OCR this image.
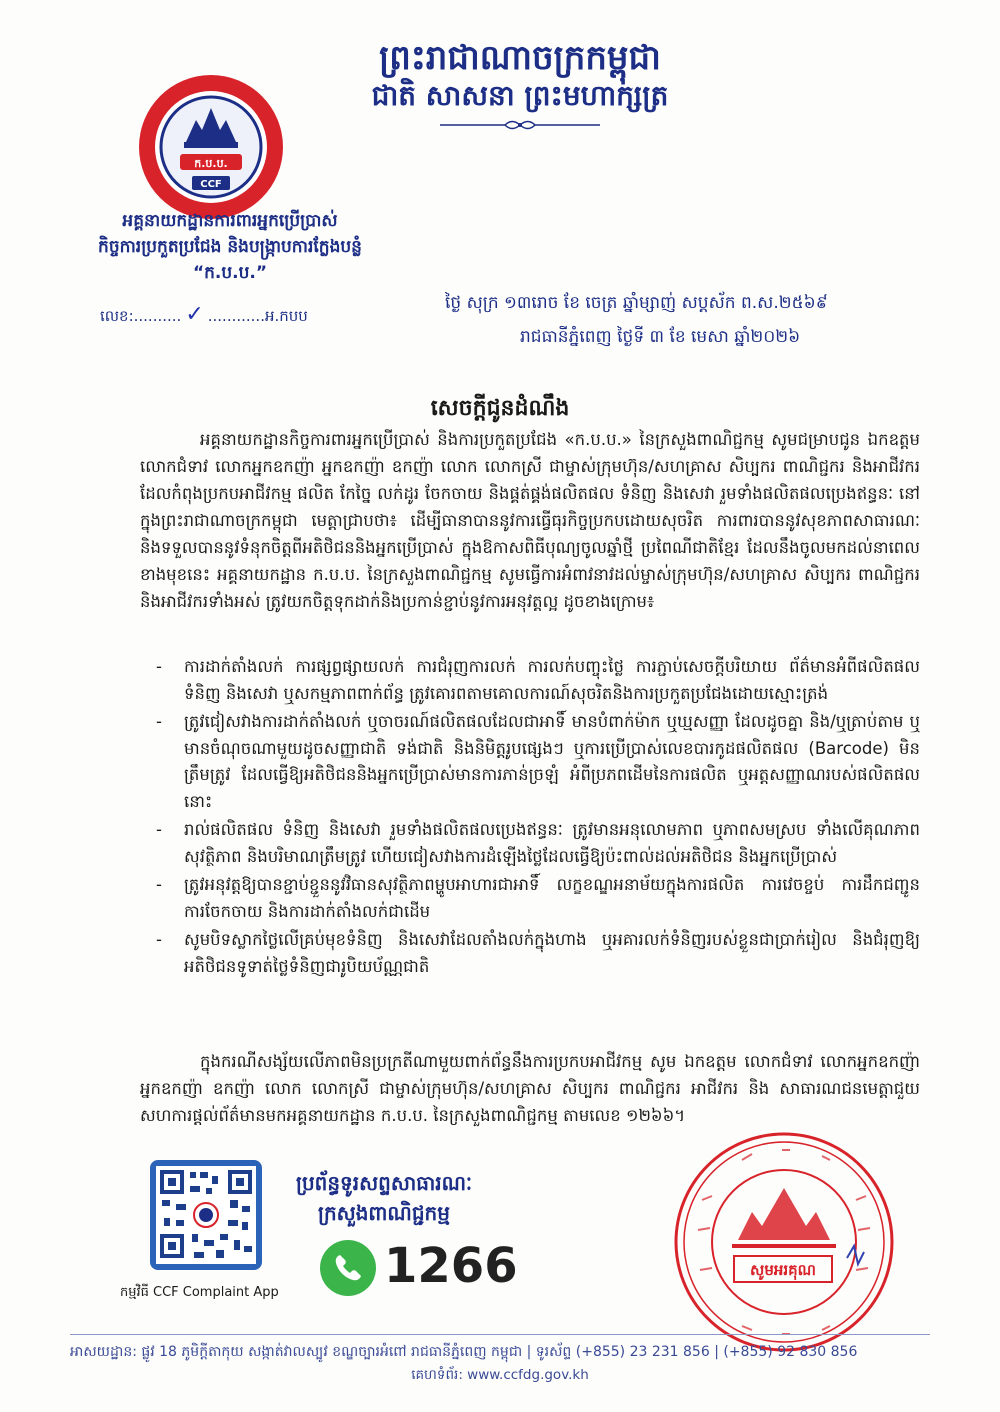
ព្រះរាជាណាចក្រកម្ពុជា
ជាតិ សាសនា ព្រះមហាក្សត្រ
ក.ប.ប.
CCF
អគ្គនាយកដ្ឋានការពារអ្នកប្រើប្រាស់
កិច្ចការប្រកួតប្រជែង និងបង្ក្រាបការក្លែងបន្លំ
“ក.ប.ប.”
លេខ:.......... ✓ ............អ.កបប
ថ្ងៃ សុក្រ ១៣រោច ខែ ចេត្រ ឆ្នាំម្សាញ់ សប្តស័ក ព.ស.២៥៦៩
រាជធានីភ្នំពេញ ថ្ងៃទី ៣ ខែ មេសា ឆ្នាំ២០២៦
សេចក្តីជូនដំណឹង
អគ្គនាយកដ្ឋានកិច្ចការពារអ្នកប្រើប្រាស់ និងការប្រកួតប្រជែង «ក.ប.ប.» នៃក្រសួងពាណិជ្ជកម្ម សូមជម្រាបជូន ឯកឧត្តម លោកជំទាវ លោកអ្នកឧកញ៉ា អ្នកឧកញ៉ា ឧកញ៉ា លោក លោកស្រី ជាម្ចាស់ក្រុមហ៊ុន/សហគ្រាស សិប្បករ ពាណិជ្ជករ និងអាជីវករ ដែលកំពុងប្រកបអាជីវកម្ម ផលិត កែច្នៃ លក់ដូរ ចែកចាយ និងផ្គត់ផ្គង់ផលិតផល ទំនិញ និងសេវា រួមទាំងផលិតផលប្រេងឥន្ធនៈ នៅក្នុងព្រះរាជាណាចក្រកម្ពុជា មេត្តាជ្រាបថា៖ ដើម្បីធានាបាននូវការធ្វើធុរកិច្ចប្រកបដោយសុចរិត ការពារបាននូវសុខភាពសាធារណៈ និងទទួលបាននូវទំនុកចិត្តពីអតិថិជននិងអ្នកប្រើប្រាស់ ក្នុងឱកាសពិធីបុណ្យចូលឆ្នាំថ្មី ប្រពៃណីជាតិខ្មែរ ដែលនឹងចូលមកដល់នាពេលខាងមុខនេះ អគ្គនាយកដ្ឋាន ក.ប.ប. នៃក្រសួងពាណិជ្ជកម្ម សូមធ្វើការអំពាវនាវដល់ម្ចាស់ក្រុមហ៊ុន/សហគ្រាស សិប្បករ ពាណិជ្ជករ និងអាជីវករទាំងអស់ ត្រូវយកចិត្តទុកដាក់និងប្រកាន់ខ្ជាប់នូវការអនុវត្តល្អ ដូចខាងក្រោម៖
- ការដាក់តាំងលក់ ការផ្សព្វផ្សាយលក់ ការជំរុញការលក់ ការលក់បញ្ចុះថ្លៃ ការភ្ជាប់សេចក្តីបរិយាយ ព័ត៌មានអំពីផលិតផលទំនិញ និងសេវា ឬសកម្មភាពពាក់ព័ន្ធ ត្រូវគោរពតាមគោលការណ៍សុចរិតនិងការប្រកួតប្រជែងដោយស្មោះត្រង់
- ត្រូវជៀសវាងការដាក់តាំងលក់ ឬចាចរណ៍ផលិតផលដែលជាអាទិ៍ មានបំពាក់ម៉ាក ឬឃ្មសញ្ញា ដែលដូចគ្នា និង/ឬត្រាប់តាម ឬមានចំណុចណាមួយដូចសញ្ញាជាតិ ទង់ជាតិ និងនិមិត្តរូបផ្សេងៗ ឬការប្រើប្រាស់លេខបារកូដផលិតផល (Barcode) មិនត្រឹមត្រូវ ដែលធ្វើឱ្យអតិថិជននិងអ្នកប្រើប្រាស់មានការភាន់ច្រឡំ អំពីប្រភពដើមនៃការផលិត ឬអត្តសញ្ញាណរបស់ផលិតផលនោះ
- រាល់ផលិតផល ទំនិញ និងសេវា រួមទាំងផលិតផលប្រេងឥន្ធនៈ ត្រូវមានអនុលោមភាព ឬភាពសមស្រប ទាំងលើគុណភាព សុវត្ថិភាព និងបរិមាណត្រឹមត្រូវ ហើយជៀសវាងការដំឡើងថ្លៃដែលធ្វើឱ្យប៉ះពាល់ដល់អតិថិជន និងអ្នកប្រើប្រាស់
- ត្រូវអនុវត្តឱ្យបានខ្ជាប់ខ្ជួននូវវិធានសុវត្ថិភាពម្ហូបអាហារជាអាទិ៍ លក្ខខណ្ឌអនាម័យក្នុងការផលិត ការវេចខ្ចប់ ការដឹកជញ្ជូន ការចែកចាយ និងការដាក់តាំងលក់ជាដើម
- សូមបិទស្លាកថ្លៃលើគ្រប់មុខទំនិញ និងសេវាដែលតាំងលក់ក្នុងហាង ឬអគារលក់ទំនិញរបស់ខ្លួនជាប្រាក់រៀល និងជំរុញឱ្យអតិថិជនទូទាត់ថ្លៃទំនិញជារូបិយប័ណ្ណជាតិ
ក្នុងករណីសង្ស័យលើភាពមិនប្រក្រតីណាមួយពាក់ព័ន្ធនឹងការប្រកបអាជីវកម្ម សូម ឯកឧត្តម លោកជំទាវ លោកអ្នកឧកញ៉ា អ្នកឧកញ៉ា ឧកញ៉ា លោក លោកស្រី ជាម្ចាស់ក្រុមហ៊ុន/សហគ្រាស សិប្បករ ពាណិជ្ជករ អាជីវករ និង សាធារណជនមេត្តាជួយសហការផ្តល់ព័ត៌មានមកអគ្គនាយកដ្ឋាន ក.ប.ប. នៃក្រសួងពាណិជ្ជកម្ម តាមលេខ ១២៦៦។
កម្មវិធី CCF Complaint App
ប្រព័ន្ធទូរសព្ទសាធារណៈ
ក្រសួងពាណិជ្ជកម្ម
1266	សូមអរគុណ
អាសយដ្ឋាន: ផ្លូវ 18 ភូមិក្តីតាកុយ សង្កាត់វាលស្បូវ ខណ្ឌច្បារអំពៅ រាជធានីភ្នំពេញ កម្ពុជា | ទូរស័ព្ទ (+855) 23 231 856 | (+855) 92 830 856
គេហទំព័រ: www.ccfdg.gov.kh
